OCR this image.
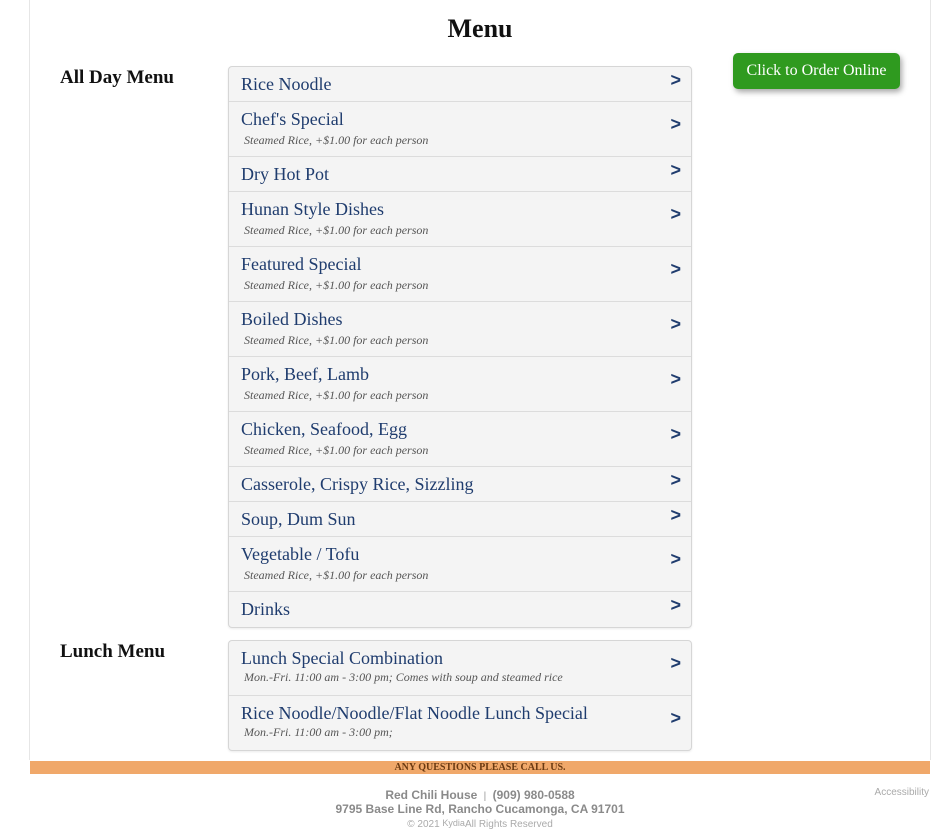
Menu
Click to Order Online
All Day Menu	Rice Noodle	>
Chef's Special
Steamed Rice, +$1.00 for each person
>
Dry Hot Pot	>
Hunan Style Dishes
Steamed Rice, +$1.00 for each person
>
Featured Special
Steamed Rice, +$1.00 for each person
>
Boiled Dishes
Steamed Rice, +$1.00 for each person
>
Pork, Beef, Lamb
Steamed Rice, +$1.00 for each person
>
Chicken, Seafood, Egg
Steamed Rice, +$1.00 for each person
>
Casserole, Crispy Rice, Sizzling	>
Soup, Dum Sun	>
Vegetable / Tofu
Steamed Rice, +$1.00 for each person
>
Drinks	>
Lunch Menu	Lunch Special Combination
Mon.-Fri. 11:00 am - 3:00 pm; Comes with soup and steamed rice
>
Rice Noodle/Noodle/Flat Noodle Lunch Special
Mon.-Fri. 11:00 am - 3:00 pm;
>
ANY QUESTIONS PLEASE CALL US.
Red Chili House | (909) 980-0588
9795 Base Line Rd, Rancho Cucamonga, CA 91701
© 2021 KydiaAll Rights Reserved
Accessibility
